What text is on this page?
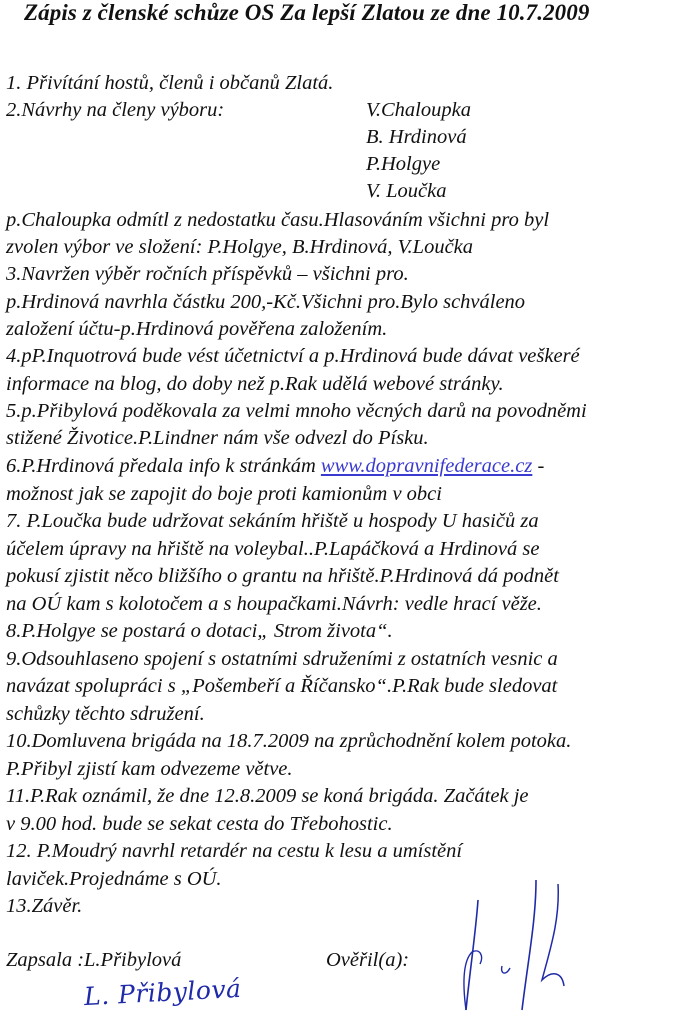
Zápis z členské schůze OS Za lepší Zlatou ze dne 10.7.2009
1. Přivítání hostů, členů i občanů Zlatá.
2.Návrhy na členy výboru:	V.Chaloupka
B. Hrdinová
P.Holgye
V. Loučka
p.Chaloupka odmítl z nedostatku času.Hlasováním všichni pro byl
zvolen výbor ve složení: P.Holgye, B.Hrdinová, V.Loučka
3.Navržen výběr ročních příspěvků – všichni pro.
p.Hrdinová navrhla částku 200,-Kč.Všichni pro.Bylo schváleno
založení účtu-p.Hrdinová pověřena založením.
4.pP.Inquotrová bude vést účetnictví a p.Hrdinová bude dávat veškeré
informace na blog, do doby než p.Rak udělá webové stránky.
5.p.Přibylová poděkovala za velmi mnoho věcných darů na povodněmi
stižené Životice.P.Lindner nám vše odvezl do Písku.
6.P.Hrdinová předala info k stránkám www.dopravnifederace.cz -
možnost jak se zapojit do boje proti kamionům v obci
7. P.Loučka bude udržovat sekáním hřiště u hospody U hasičů za
účelem úpravy na hřiště na voleybal..P.Lapáčková a Hrdinová se
pokusí zjistit něco bližšího o grantu na hřiště.P.Hrdinová dá podnět
na OÚ kam s kolotočem a s houpačkami.Návrh: vedle hrací věže.
8.P.Holgye se postará o dotaci„ Strom života“.
9.Odsouhlaseno spojení s ostatními sdruženími z ostatních vesnic a
navázat spolupráci s „Pošembeří a Říčansko“.P.Rak bude sledovat
schůzky těchto sdružení.
10.Domluvena brigáda na 18.7.2009 na zprůchodnění kolem potoka.
P.Přibyl zjistí kam odvezeme větve.
11.P.Rak oznámil, že dne 12.8.2009 se koná brigáda. Začátek je
v 9.00 hod. bude se sekat cesta do Třebohostic.
12. P.Moudrý navrhl retardér na cestu k lesu a umístění
laviček.Projednáme s OÚ.
13.Závěr.
Zapsala :L.Přibylová	Ověřil(a):
L. Přibylová
